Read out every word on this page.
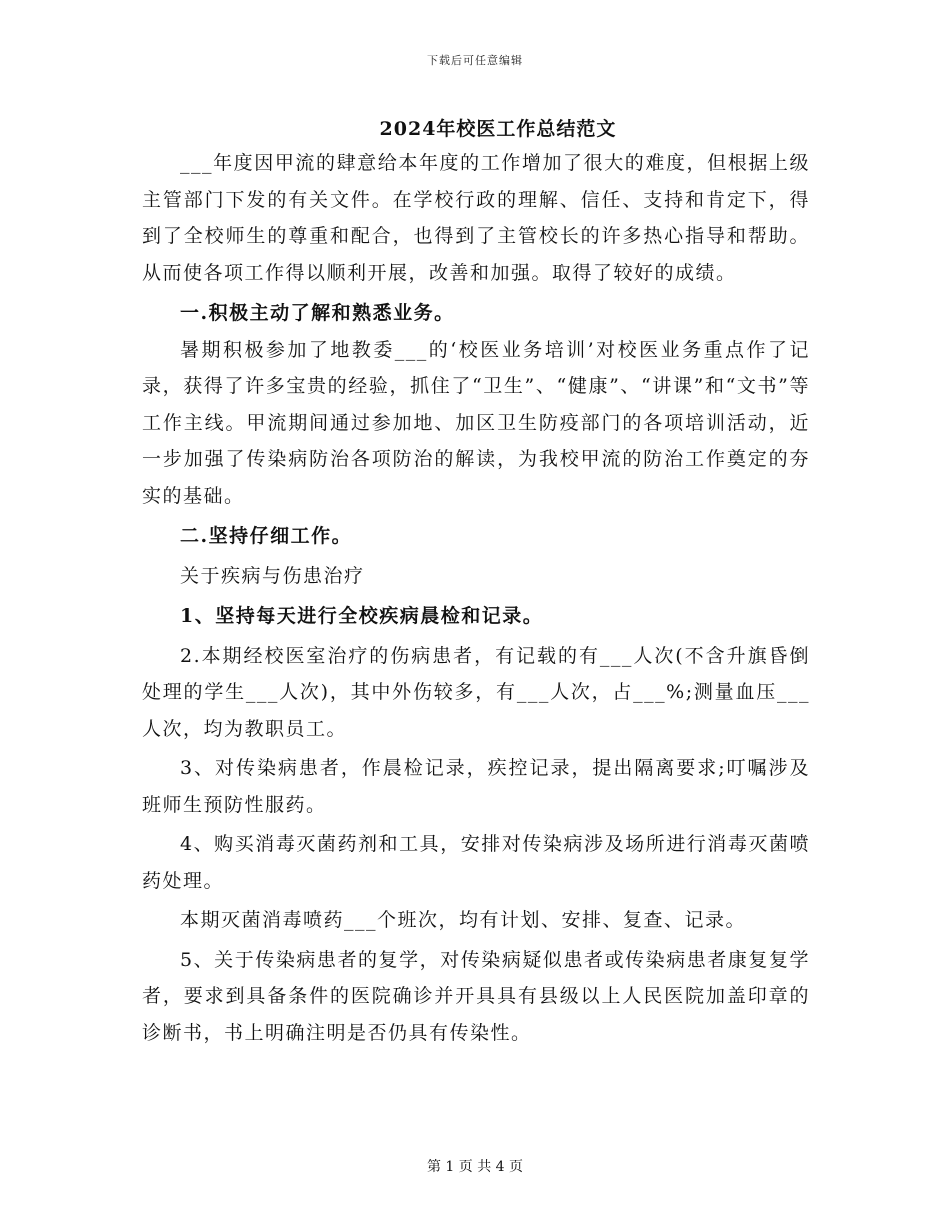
下载后可任意编辑
2024年校医工作总结范文

___年度因甲流的肆意给本年度的工作增加了很大的难度，但根据上级主管部门下发的有关文件。在学校行政的理解、信任、支持和肯定下，得到了全校师生的尊重和配合，也得到了主管校长的许多热心指导和帮助。从而使各项工作得以顺利开展，改善和加强。取得了较好的成绩。

一.积极主动了解和熟悉业务。

暑期积极参加了地教委___的‘校医业务培训’对校医业务重点作了记录，获得了许多宝贵的经验，抓住了“卫生”、“健康”、“讲课”和“文书”等工作主线。甲流期间通过参加地、加区卫生防疫部门的各项培训活动，近一步加强了传染病防治各项防治的解读，为我校甲流的防治工作奠定的夯实的基础。

二.坚持仔细工作。

关于疾病与伤患治疗

1、坚持每天进行全校疾病晨检和记录。

2.本期经校医室治疗的伤病患者，有记载的有___人次(不含升旗昏倒处理的学生___人次)，其中外伤较多，有___人次，占___%;测量血压___人次，均为教职员工。

3、对传染病患者，作晨检记录，疾控记录，提出隔离要求;叮嘱涉及班师生预防性服药。

4、购买消毒灭菌药剂和工具，安排对传染病涉及场所进行消毒灭菌喷药处理。

本期灭菌消毒喷药___个班次，均有计划、安排、复查、记录。

5、关于传染病患者的复学，对传染病疑似患者或传染病患者康复复学者，要求到具备条件的医院确诊并开具具有县级以上人民医院加盖印章的诊断书，书上明确注明是否仍具有传染性。

第 1 页 共 4 页
